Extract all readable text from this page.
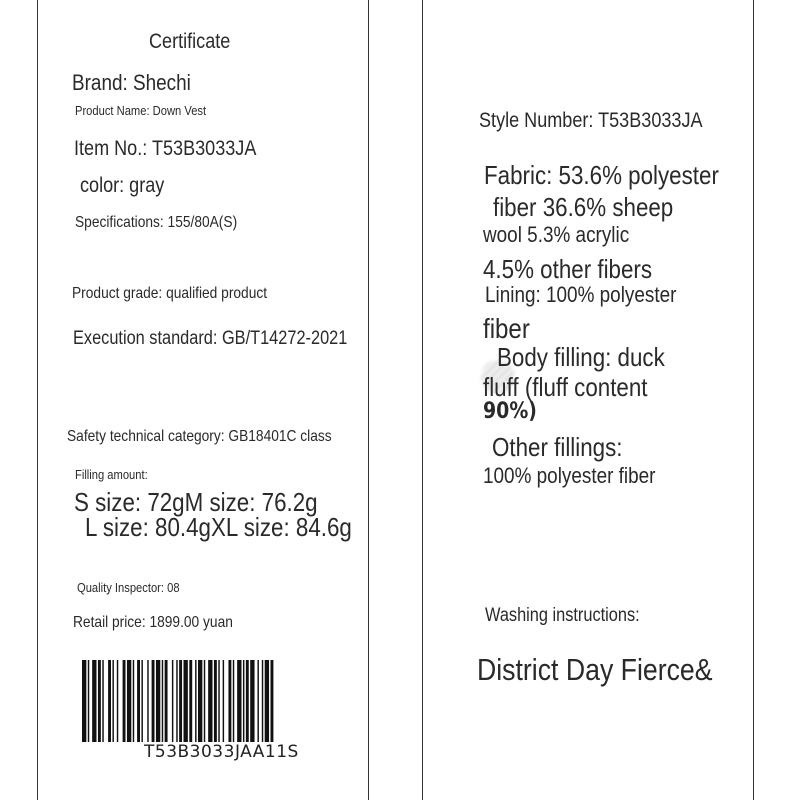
Certificate
Brand: Shechi
Product Name: Down Vest
Item No.: T53B3033JA
color: gray
Specifications: 155/80A(S)
Product grade: qualified product
Execution standard: GB/T14272-2021
Safety technical category: GB18401C class
Filling amount:
S size: 72gM size: 76.2g
L size: 80.4gXL size: 84.6g
Quality Inspector: 08
Retail price: 1899.00 yuan
T53B3033JAA11S
Style Number: T53B3033JA
Fabric: 53.6% polyester
fiber 36.6% sheep
wool 5.3% acrylic
4.5% other fibers
Lining: 100% polyester
fiber
Body filling: duck
fluff (fluff content
90%)
Other fillings:
100% polyester fiber
Washing instructions:
District Day Fierce&
